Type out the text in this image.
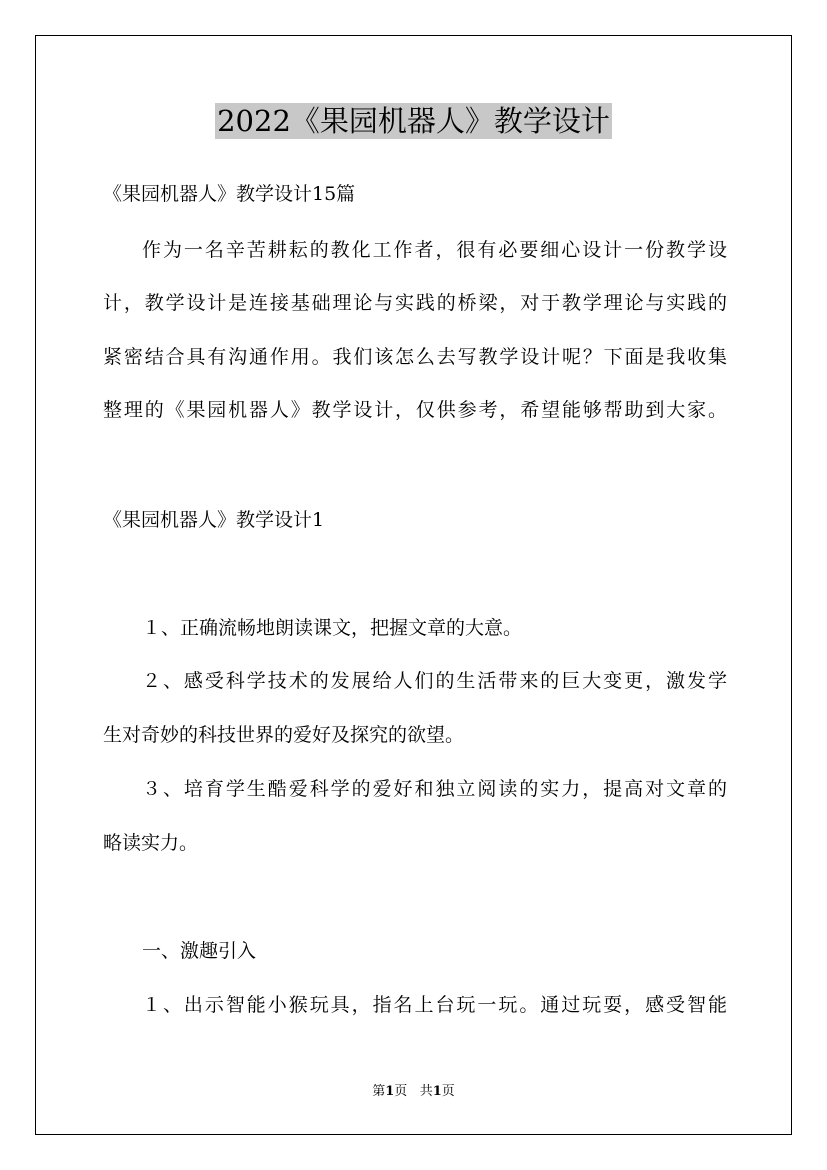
2022《果园机器人》教学设计
《果园机器人》教学设计15篇
作为一名辛苦耕耘的教化工作者，很有必要细心设计一份教学设
计，教学设计是连接基础理论与实践的桥梁，对于教学理论与实践的
紧密结合具有沟通作用。我们该怎么去写教学设计呢？下面是我收集
整理的《果园机器人》教学设计，仅供参考，希望能够帮助到大家。
《果园机器人》教学设计1
１、正确流畅地朗读课文，把握文章的大意。
２、感受科学技术的发展给人们的生活带来的巨大变更，激发学
生对奇妙的科技世界的爱好及探究的欲望。
３、培育学生酷爱科学的爱好和独立阅读的实力，提高对文章的
略读实力。
一、激趣引入
１、出示智能小猴玩具，指名上台玩一玩。通过玩耍，感受智能
第1页 共1页
